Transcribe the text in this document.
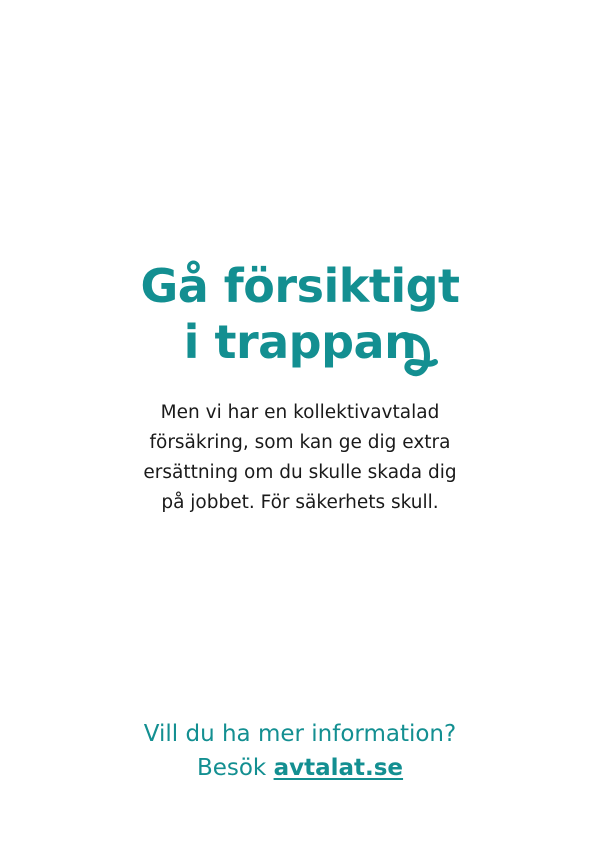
Gå försiktigt
i trappan
Men vi har en kollektivavtalad
försäkring, som kan ge dig extra
ersättning om du skulle skada dig
på jobbet. För säkerhets skull.
Vill du ha mer information?
Besök avtalat.se
